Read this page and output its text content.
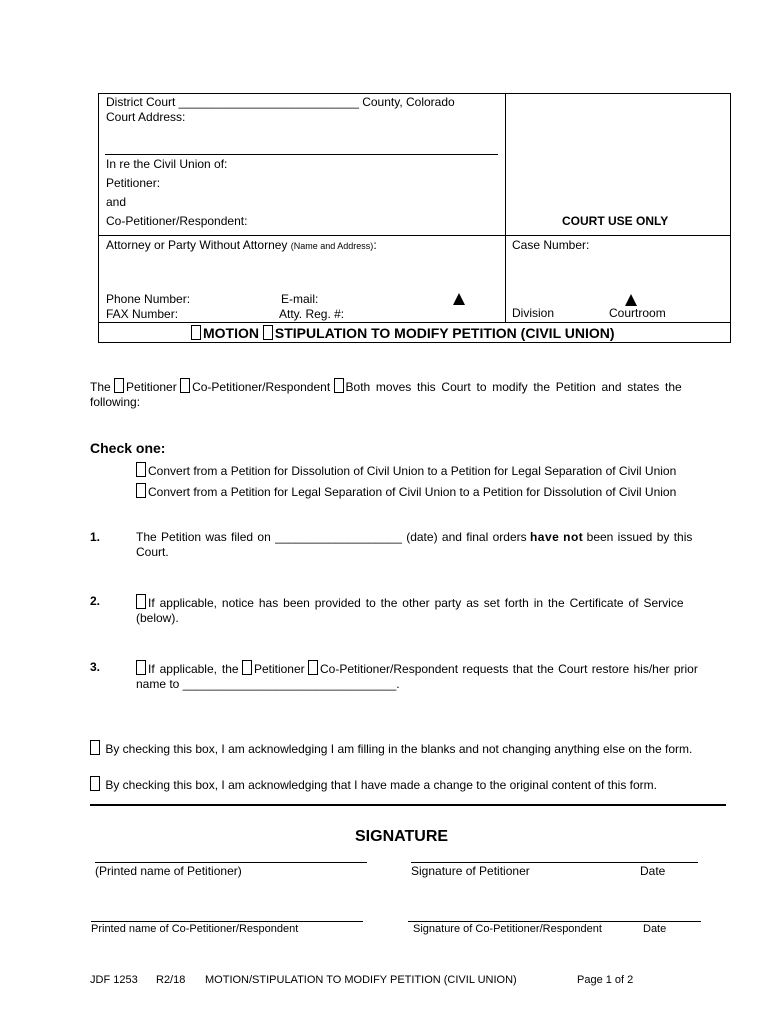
District Court ___________________________ County, Colorado
Court Address:
In re the Civil Union of:
Petitioner:
and
Co-Petitioner/Respondent:	COURT USE ONLY
Attorney or Party Without Attorney (Name and Address):	Case Number:
Phone Number:	E-mail:
FAX Number:	Atty. Reg. #:	Division	Courtroom
MOTION STIPULATION TO MODIFY PETITION (CIVIL UNION)
The Petitioner Co-Petitioner/Respondent Both moves this Court to modify the Petition and states the
following:
Check one:
Convert from a Petition for Dissolution of Civil Union to a Petition for Legal Separation of Civil Union
Convert from a Petition for Legal Separation of Civil Union to a Petition for Dissolution of Civil Union
1.	The Petition was filed on ___________________ (date) and final orders have not been issued by this
Court.
2.	If applicable, notice has been provided to the other party as set forth in the Certificate of Service
(below).
3.	If applicable, the Petitioner Co-Petitioner/Respondent requests that the Court restore his/her prior
name to ________________________________.
By checking this box, I am acknowledging I am filling in the blanks and not changing anything else on the form.
By checking this box, I am acknowledging that I have made a change to the original content of this form.
SIGNATURE
(Printed name of Petitioner)	Signature of Petitioner	Date
Printed name of Co-Petitioner/Respondent	Signature of Co-Petitioner/Respondent	Date
JDF 1253 R2/18 MOTION/STIPULATION TO MODIFY PETITION (CIVIL UNION)	Page 1 of 2
